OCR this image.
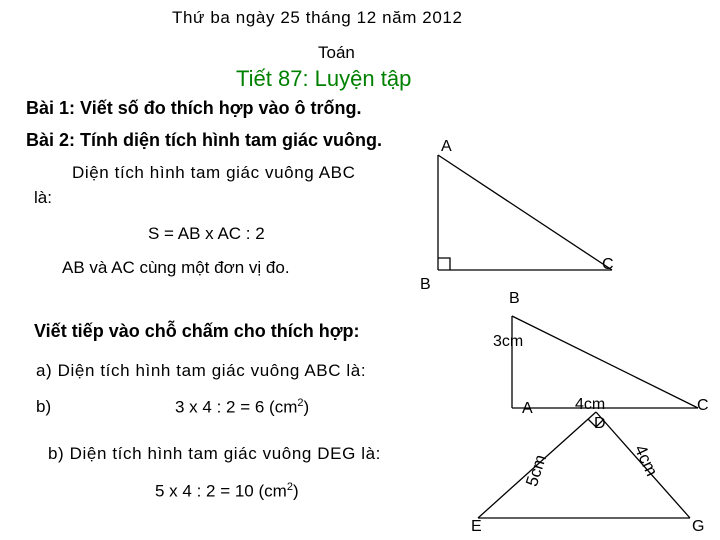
Thứ ba ngày 25 tháng 12 năm 2012
Toán
Tiết 87: Luyện tập
Bài 1: Viết số đo thích hợp vào ô trống.
Bài 2: Tính diện tích hình tam giác vuông.
Diện tích hình tam giác vuông ABC
là:
S = AB x AC : 2
AB và AC cùng một đơn vị đo.
Viết tiếp vào chỗ chấm cho thích hợp:
a) Diện tích hình tam giác vuông ABC là:
b)	3 x 4 : 2 = 6 $(cm^2)$
b) Diện tích hình tam giác vuông DEG là:
5 x 4 : 2 = 10 $(cm^2)$
A
B
C
B
3cm
A	4cm	C
D
E	G
5cm	4cm
